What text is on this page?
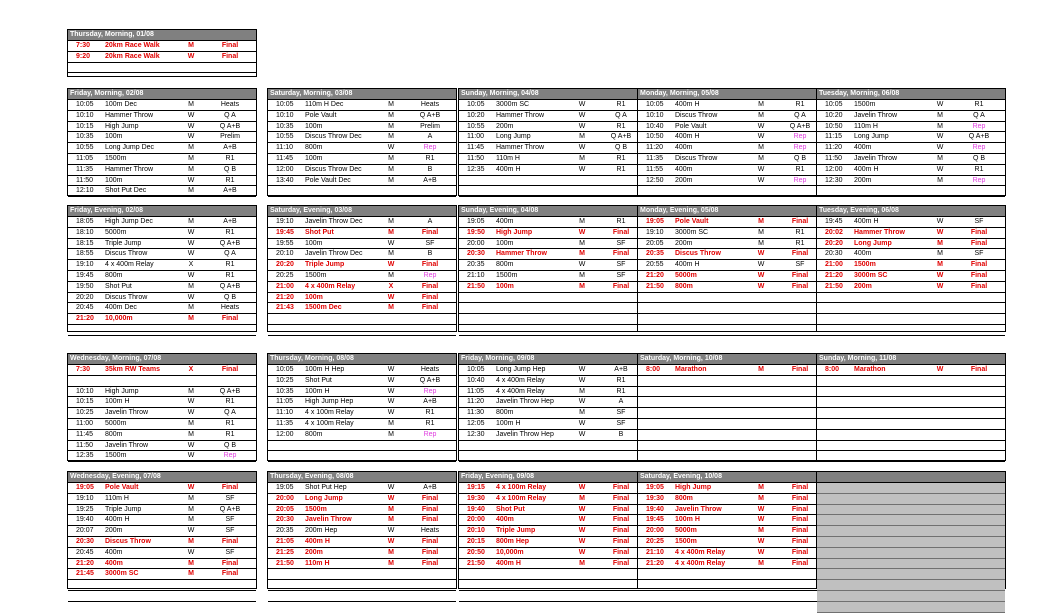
Thursday, Morning, 01/08
7:30	20km Race Walk	M	Final
9:20	20km Race Walk	W	Final
Friday, Morning, 02/08
10:05	100m Dec	M	Heats
10:10	Hammer Throw	W	Q A
10:15	High Jump	W	Q A+B
10:35	100m	W	Prelim
10:55	Long Jump Dec	M	A+B
11:05	1500m	M	R1
11:35	Hammer Throw	M	Q B
11:50	100m	W	R1
12:10	Shot Put Dec	M	A+B
Saturday, Morning, 03/08
10:05	110m H Dec	M	Heats
10:10	Pole Vault	M	Q A+B
10:35	100m	M	Prelim
10:55	Discus Throw Dec	M	A
11:10	800m	W	Rep
11:45	100m	M	R1
12:00	Discus Throw Dec	M	B
13:40	Pole Vault Dec	M	A+B
Sunday, Morning, 04/08
10:05	3000m SC	W	R1
10:20	Hammer Throw	W	Q A
10:55	200m	W	R1
11:00	Long Jump	M	Q A+B
11:45	Hammer Throw	W	Q B
11:50	110m H	M	R1
12:35	400m H	W	R1
Monday, Morning, 05/08
10:05	400m H	M	R1
10:10	Discus Throw	M	Q A
10:40	Pole Vault	W	Q A+B
10:50	400m H	W	Rep
11:20	400m	M	Rep
11:35	Discus Throw	M	Q B
11:55	400m	W	R1
12:50	200m	W	Rep
Tuesday, Morning, 06/08
10:05	1500m	W	R1
10:20	Javelin Throw	M	Q A
10:50	110m H	M	Rep
11:15	Long Jump	W	Q A+B
11:20	400m	W	Rep
11:50	Javelin Throw	M	Q B
12:00	400m H	W	R1
12:30	200m	M	Rep
Friday, Evening, 02/08
18:05	High Jump Dec	M	A+B
18:10	5000m	W	R1
18:15	Triple Jump	W	Q A+B
18:55	Discus Throw	W	Q A
19:10	4 x 400m Relay	X	R1
19:45	800m	W	R1
19:50	Shot Put	M	Q A+B
20:20	Discus Throw	W	Q B
20:45	400m Dec	M	Heats
21:20	10,000m	M	Final
Saturday, Evening, 03/08
19:10	Javelin Throw Dec	M	A
19:45	Shot Put	M	Final
19:55	100m	W	SF
20:10	Javelin Throw Dec	M	B
20:20	Triple Jump	W	Final
20:25	1500m	M	Rep
21:00	4 x 400m Relay	X	Final
21:20	100m	W	Final
21:43	1500m Dec	M	Final
Sunday, Evening, 04/08
19:05	400m	M	R1
19:50	High Jump	W	Final
20:00	100m	M	SF
20:30	Hammer Throw	M	Final
20:35	800m	W	SF
21:10	1500m	M	SF
21:50	100m	M	Final
Monday, Evening, 05/08
19:05	Pole Vault	M	Final
19:10	3000m SC	M	R1
20:05	200m	M	R1
20:35	Discus Throw	W	Final
20:55	400m H	W	SF
21:20	5000m	W	Final
21:50	800m	W	Final
Tuesday, Evening, 06/08
19:45	400m H	W	SF
20:02	Hammer Throw	W	Final
20:20	Long Jump	M	Final
20:30	400m	M	SF
21:00	1500m	M	Final
21:20	3000m SC	W	Final
21:50	200m	W	Final
Wednesday, Morning, 07/08
7:30	35km RW Teams	X	Final
10:10	High Jump	M	Q A+B
10:15	100m H	W	R1
10:25	Javelin Throw	W	Q A
11:00	5000m	M	R1
11:45	800m	M	R1
11:50	Javelin Throw	W	Q B
12:35	1500m	W	Rep
Thursday, Morning, 08/08
10:05	100m H Hep	W	Heats
10:25	Shot Put	W	Q A+B
10:35	100m H	W	Rep
11:05	High Jump Hep	W	A+B
11:10	4 x 100m Relay	W	R1
11:35	4 x 100m Relay	M	R1
12:00	800m	M	Rep
Friday, Morning, 09/08
10:05	Long Jump Hep	W	A+B
10:40	4 x 400m Relay	W	R1
11:05	4 x 400m Relay	M	R1
11:20	Javelin Throw Hep	W	A
11:30	800m	M	SF
12:05	100m H	W	SF
12:30	Javelin Throw Hep	W	B
Saturday, Morning, 10/08
8:00	Marathon	M	Final
Sunday, Morning, 11/08
8:00	Marathon	W	Final
Wednesday, Evening, 07/08
19:05	Pole Vault	W	Final
19:10	110m H	M	SF
19:25	Triple Jump	M	Q A+B
19:40	400m H	M	SF
20:07	200m	W	SF
20:30	Discus Throw	M	Final
20:45	400m	W	SF
21:20	400m	M	Final
21:45	3000m SC	M	Final
Thursday, Evening, 08/08
19:05	Shot Put Hep	W	A+B
20:00	Long Jump	W	Final
20:05	1500m	M	Final
20:30	Javelin Throw	M	Final
20:35	200m Hep	W	Heats
21:05	400m H	W	Final
21:25	200m	M	Final
21:50	110m H	M	Final
Friday, Evening, 09/08
19:15	4 x 100m Relay	W	Final
19:30	4 x 100m Relay	M	Final
19:40	Shot Put	W	Final
20:00	400m	W	Final
20:10	Triple Jump	W	Final
20:15	800m Hep	W	Final
20:50	10,000m	W	Final
21:50	400m H	M	Final
Saturday, Evening, 10/08
19:05	High Jump	M	Final
19:30	800m	M	Final
19:40	Javelin Throw	W	Final
19:45	100m H	W	Final
20:00	5000m	M	Final
20:25	1500m	W	Final
21:10	4 x 400m Relay	W	Final
21:20	4 x 400m Relay	M	Final
